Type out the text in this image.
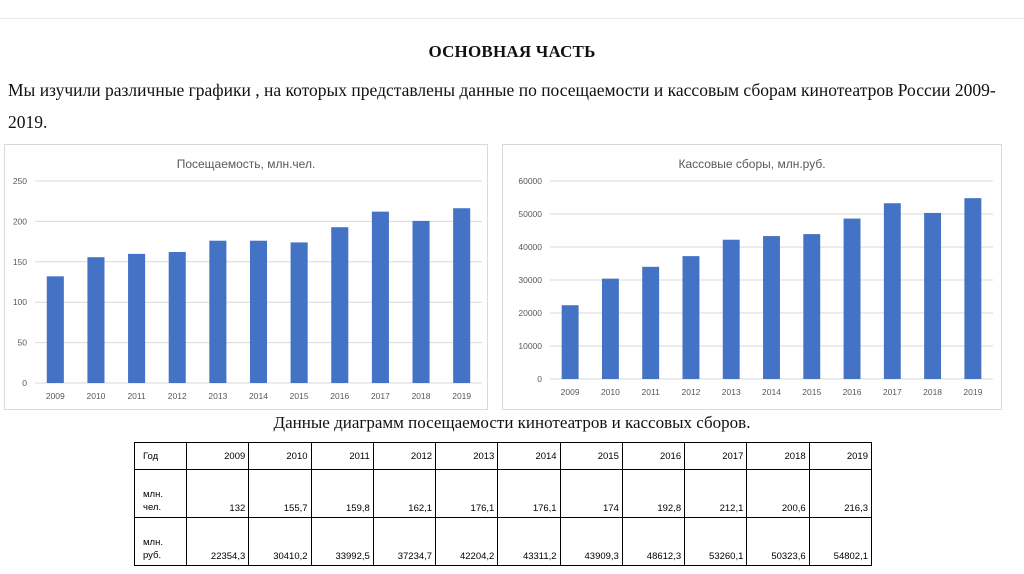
ОСНОВНАЯ ЧАСТЬ
Мы изучили различные графики , на которых представлены данные по посещаемости и кассовым сборам кинотеатров России 2009-2019.
Посещаемость, млн.чел.
0
50
100
150
200
250
2009	2010	2011	2012	2013	2014	2015	2016	2017	2018	2019
Кассовые сборы, млн.руб.
0
10000
20000
30000
40000
50000
60000
2009	2010	2011	2012	2013	2014	2015	2016	2017	2018	2019
Данные диаграмм посещаемости кинотеатров и кассовых сборов.
Год	2009	2010	2011	2012	2013	2014	2015	2016	2017	2018	2019
млн. чел.	132	155,7	159,8	162,1	176,1	176,1	174	192,8	212,1	200,6	216,3
млн. руб.	22354,3	30410,2	33992,5	37234,7	42204,2	43311,2	43909,3	48612,3	53260,1	50323,6	54802,1
